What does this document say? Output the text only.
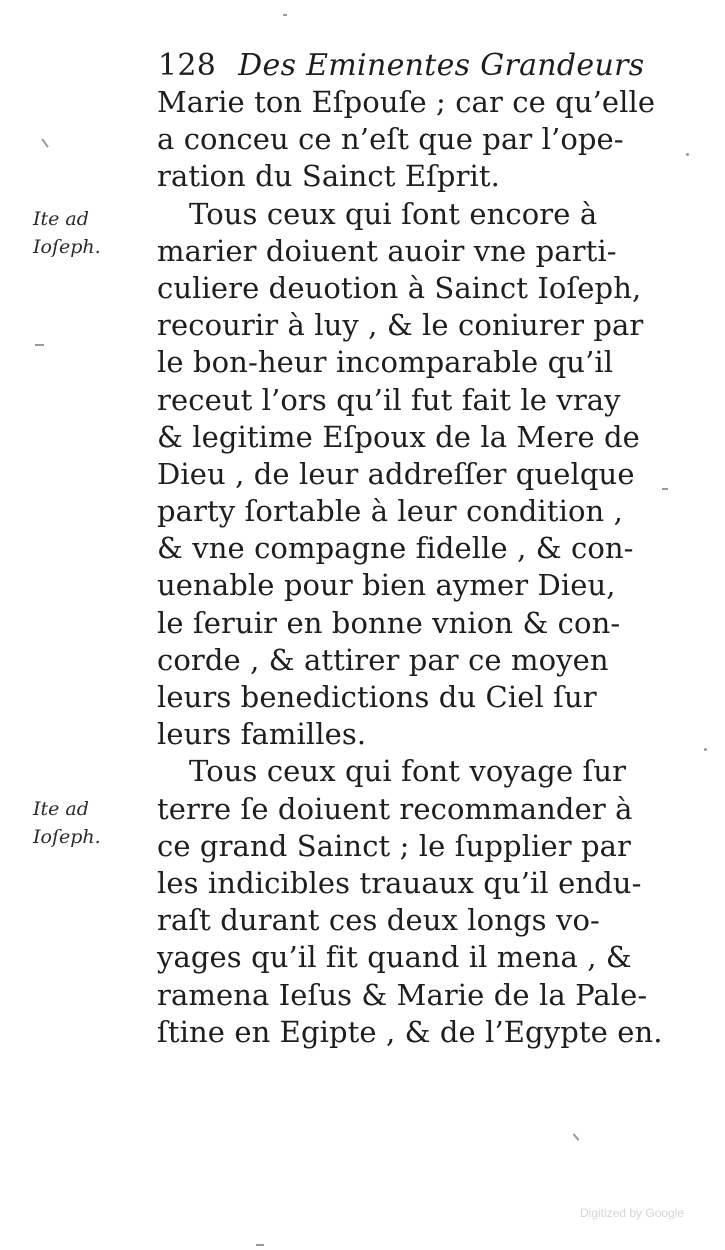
128 Des Eminentes Grandeurs
Ite ad
Ioſeph.
Ite ad
Ioſeph.
Marie ton Eſpouſe ; car ce qu’elle
a conceu ce n’eſt que par l’ope-
ration du Sainct Eſprit.
Tous ceux qui ſont encore à
marier doiuent auoir vne parti-
culiere deuotion à Sainct Ioſeph,
recourir à luy , & le coniurer par
le bon-heur incomparable qu’il
receut l’ors qu’il fut fait le vray
& legitime Eſpoux de la Mere de
Dieu , de leur addreſſer quelque
party ſortable à leur condition ,
& vne compagne fidelle , & con-
uenable pour bien aymer Dieu,
le ſeruir en bonne vnion & con-
corde , & attirer par ce moyen
leurs benedictions du Ciel ſur
leurs familles.
Tous ceux qui font voyage ſur
terre ſe doiuent recommander à
ce grand Sainct ; le ſupplier par
les indicibles trauaux qu’il endu-
raſt durant ces deux longs vo-
yages qu’il fit quand il mena , &
ramena Ieſus & Marie de la Pale-
ſtine en Egipte , & de l’Egypte en.
Digitized by Google
